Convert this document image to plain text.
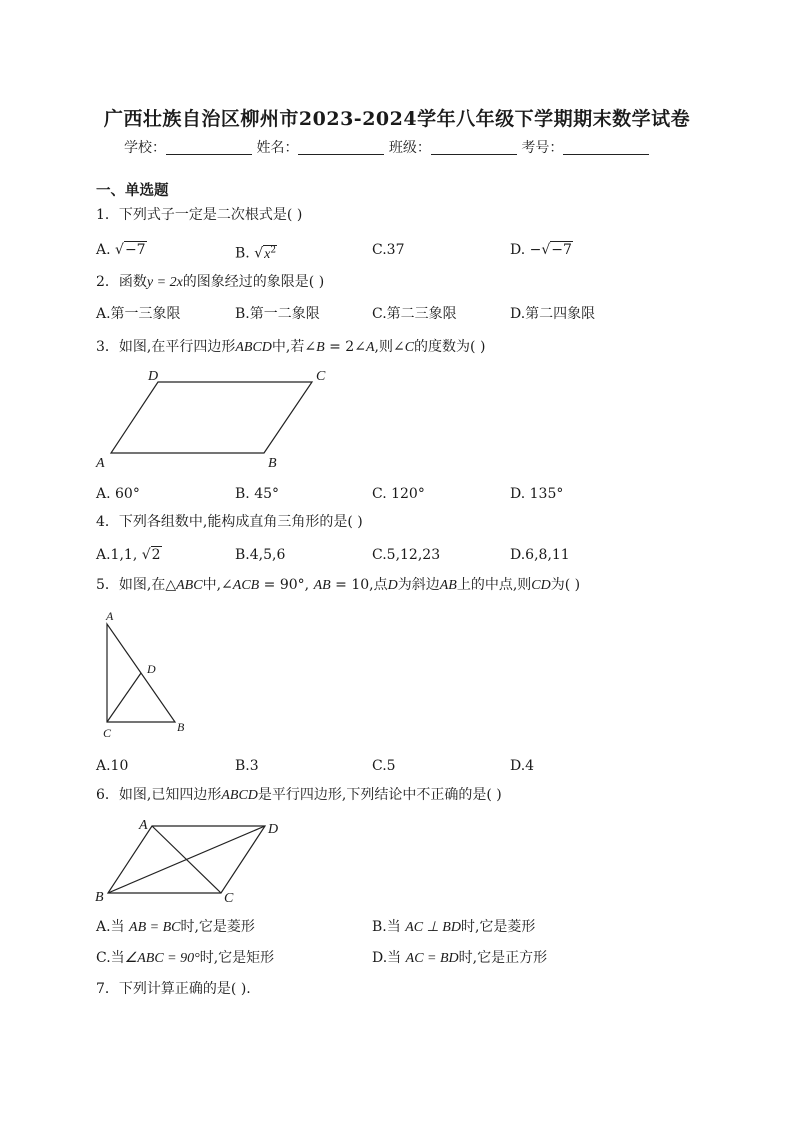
广西壮族自治区柳州市2023-2024学年八年级下学期期末数学试卷
学校：	姓名：	班级：	考号：
一、单选题
1．下列式子一定是二次根式是( )
A. √−7	B. $√x^2$	C.37	D. −√−7
2．函数y = 2x的图象经过的象限是( )
A.第一三象限	B.第一二象限	C.第二三象限	D.第二四象限
3．如图,在平行四边形ABCD中,若∠B = 2∠A,则∠C的度数为( )
D	C
A	B
A. 60°	B. 45°	C. 120°	D. 135°
4．下列各组数中,能构成直角三角形的是( )
A.1,1, √2	B.4,5,6	C.5,12,23	D.6,8,11
5．如图,在△ABC中,∠ACB = 90°, AB = 10,点D为斜边AB上的中点,则CD为( )
A
D
C	B
A.10	B.3	C.5	D.4
6．如图,已知四边形ABCD是平行四边形,下列结论中不正确的是( )
A	D
B	C
A.当 AB = BC时,它是菱形	B.当 AC ⊥ BD时,它是菱形
C.当∠ABC = 90°时,它是矩形	D.当 AC = BD时,它是正方形
7．下列计算正确的是( ).
